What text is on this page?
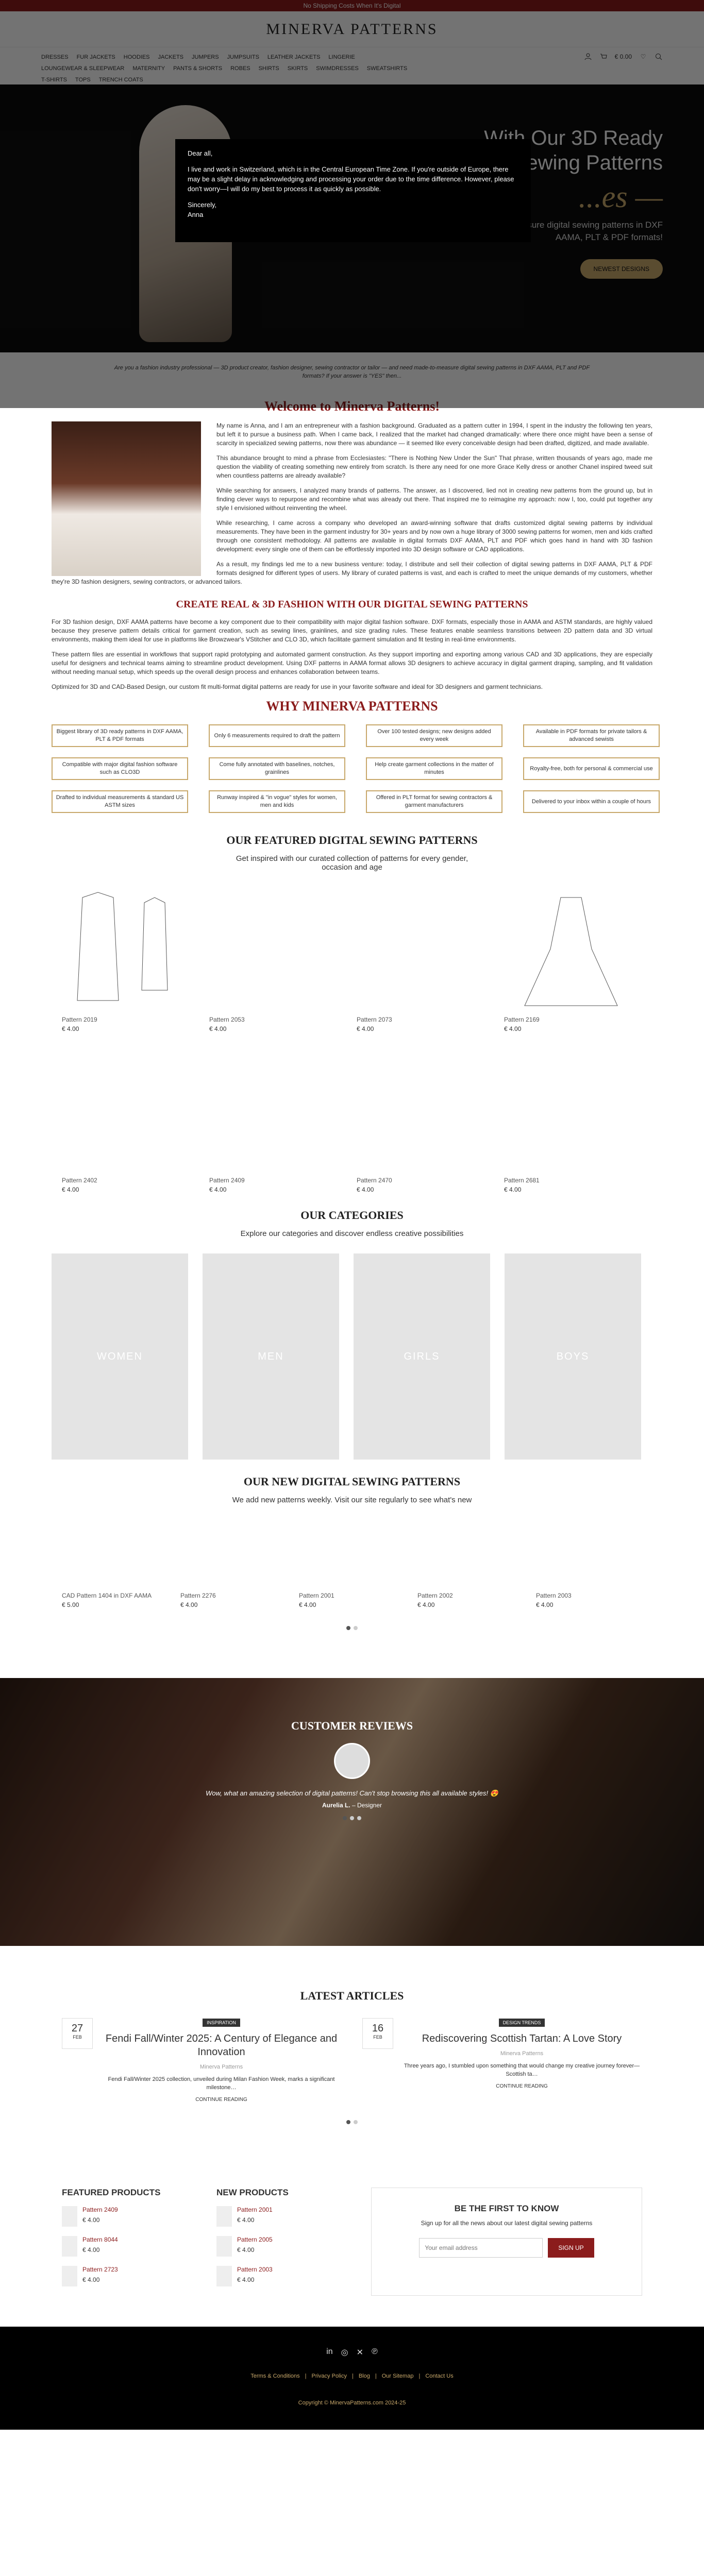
Dear all,

I live and work in Switzerland, which is in the Central European Time Zone. If you're outside of Europe, there may be a slight delay in acknowledging and processing your order due to the time difference. However, please don't worry—I will do my best to process it as quickly as possible.

Sincerely,
Anna

My name is Anna, and I am an entrepreneur with a fashion background. Graduated as a pattern cutter in 1994, I spent in the industry the following ten years, but left it to pursue a business path. When I came back, I realized that the market had changed dramatically: where there once might have been a sense of scarcity in specialized sewing patterns, now there was abundance — it seemed like every conceivable design had been drafted, digitized, and made available.

This abundance brought to mind a phrase from Ecclesiastes: "There is Nothing New Under the Sun" That phrase, written thousands of years ago, made me question the viability of creating something new entirely from scratch. Is there any need for one more Grace Kelly dress or another Chanel inspired tweed suit when countless patterns are already available?

While searching for answers, I analyzed many brands of patterns. The answer, as I discovered, lied not in creating new patterns from the ground up, but in finding clever ways to repurpose and recombine what was already out there. That inspired me to reimagine my approach: now I, too, could put together any style I envisioned without reinventing the wheel.

While researching, I came across a company who developed an award-winning software that drafts customized digital sewing patterns by individual measurements. They have been in the garment industry for 30+ years and by now own a huge library of 3000 sewing patterns for women, men and kids crafted through one consistent methodology. All patterns are available in digital formats DXF AAMA, PLT and PDF which goes hand in hand with 3D fashion development: every single one of them can be effortlessly imported into 3D design software or CAD applications.

As a result, my findings led me to a new business venture: today, I distribute and sell their collection of digital sewing patterns in DXF AAMA, PLT & PDF formats designed for different types of users. My library of curated patterns is vast, and each is crafted to meet the unique demands of my customers, whether they're 3D fashion designers, sewing contractors, or advanced tailors.

CREATE REAL & 3D FASHION WITH OUR DIGITAL SEWING PATTERNS

For 3D fashion design, DXF AAMA patterns have become a key component due to their compatibility with major digital fashion software. DXF formats, especially those in AAMA and ASTM standards, are highly valued because they preserve pattern details critical for garment creation, such as sewing lines, grainlines, and size grading rules. These features enable seamless transitions between 2D pattern data and 3D virtual environments, making them ideal for use in platforms like Browzwear's VStitcher and CLO 3D, which facilitate garment simulation and fit testing in real-time environments.

These pattern files are essential in workflows that support rapid prototyping and automated garment construction. As they support importing and exporting among various CAD and 3D applications, they are especially useful for designers and technical teams aiming to streamline product development. Using DXF patterns in AAMA format allows 3D designers to achieve accuracy in digital garment draping, sampling, and fit validation without needing manual setup, which speeds up the overall design process and enhances collaboration between teams.

Optimized for 3D and CAD-Based Design, our custom fit multi-format digital patterns are ready for use in your favorite software and ideal for 3D designers and garment technicians.

WHY MINERVA PATTERNS
Biggest library of 3D ready patterns in DXF AAMA, PLT & PDF formats
Only 6 measurements required to draft the pattern
Over 100 tested designs; new designs added every week
Available in PDF formats for private tailors & advanced sewists
Compatible with major digital fashion software such as CLO3D
Come fully annotated with baselines, notches, grainlines
Help create garment collections in the matter of minutes
Royalty-free, both for personal & commercial use
Drafted to individual measurements & standard US ASTM sizes
Runway inspired & "in vogue" styles for women, men and kids
Offered in PLT format for sewing contractors & garment manufacturers
Delivered to your inbox within a couple of hours
OUR FEATURED DIGITAL SEWING PATTERNS
Get inspired with our curated collection of patterns for every gender,
occasion and age
Pattern 2019
€ 4.00
Pattern 2053
€ 4.00
Pattern 2073
€ 4.00
Pattern 2169
€ 4.00
Pattern 2402
€ 4.00
Pattern 2409
€ 4.00
Pattern 2470
€ 4.00
Pattern 2681
€ 4.00
OUR CATEGORIES
Explore our categories and discover endless creative possibilities
WOMEN	MEN	GIRLS	BOYS
OUR NEW DIGITAL SEWING PATTERNS
We add new patterns weekly. Visit our site regularly to see what's new
CAD Pattern 1404 in DXF AAMA
€ 5.00
Pattern 2276
€ 4.00
Pattern 2001
€ 4.00
Pattern 2002
€ 4.00
Pattern 2003
€ 4.00
CUSTOMER REVIEWS

Wow, what an amazing selection of digital patterns! Can't stop browsing this all available styles! 😍

Aurelia L. – Designer

LATEST ARTICLES
27
FEB
INSPIRATION
Fendi Fall/Winter 2025: A Century of Elegance and Innovation
Minerva Patterns
Fendi Fall/Winter 2025 collection, unveiled during Milan Fashion Week, marks a significant milestone…
CONTINUE READING
16
FEB
DESIGN TRENDS
Rediscovering Scottish Tartan: A Love Story
Minerva Patterns
Three years ago, I stumbled upon something that would change my creative journey forever—Scottish ta…
CONTINUE READING
FEATURED PRODUCTS
Pattern 2409
€ 4.00
Pattern 8044
€ 4.00
Pattern 2723
€ 4.00
NEW PRODUCTS
Pattern 2001
€ 4.00
Pattern 2005
€ 4.00
Pattern 2003
€ 4.00
BE THE FIRST TO KNOW

Sign up for all the news about our latest digital sewing patterns

Your email address
SIGN UP
in ◎ ✕ ℗
Terms & Conditions | Privacy Policy | Blog | Our Sitemap | Contact Us
Copyright © MinervaPatterns.com 2024-25
